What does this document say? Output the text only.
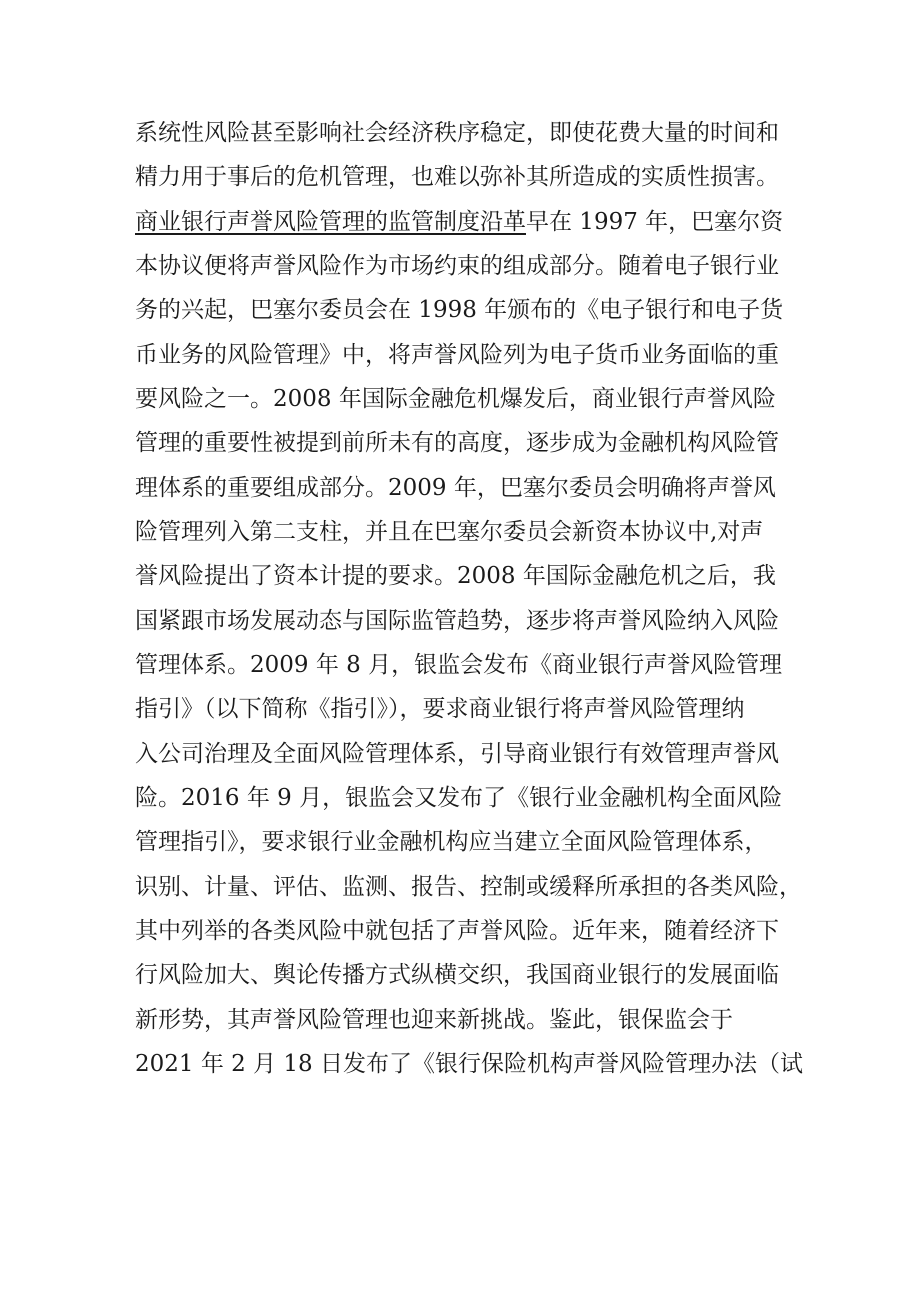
系统性风险甚至影响社会经济秩序稳定，即使花费大量的时间和
精力用于事后的危机管理，也难以弥补其所造成的实质性损害。
商业银行声誉风险管理的监管制度沿革早在 1997 年，巴塞尔资
本协议便将声誉风险作为市场约束的组成部分。随着电子银行业
务的兴起，巴塞尔委员会在 1998 年颁布的《电子银行和电子货
币业务的风险管理》中，将声誉风险列为电子货币业务面临的重
要风险之一。2008 年国际金融危机爆发后，商业银行声誉风险
管理的重要性被提到前所未有的高度，逐步成为金融机构风险管
理体系的重要组成部分。2009 年，巴塞尔委员会明确将声誉风
险管理列入第二支柱，并且在巴塞尔委员会新资本协议中,对声
誉风险提出了资本计提的要求。2008 年国际金融危机之后，我
国紧跟市场发展动态与国际监管趋势，逐步将声誉风险纳入风险
管理体系。2009 年 8 月，银监会发布《商业银行声誉风险管理
指引》（以下简称《指引》），要求商业银行将声誉风险管理纳
入公司治理及全面风险管理体系，引导商业银行有效管理声誉风
险。2016 年 9 月，银监会又发布了《银行业金融机构全面风险
管理指引》，要求银行业金融机构应当建立全面风险管理体系，
识别、计量、评估、监测、报告、控制或缓释所承担的各类风险，
其中列举的各类风险中就包括了声誉风险。近年来，随着经济下
行风险加大、舆论传播方式纵横交织，我国商业银行的发展面临
新形势，其声誉风险管理也迎来新挑战。鉴此，银保监会于
2021 年 2 月 18 日发布了《银行保险机构声誉风险管理办法（试
